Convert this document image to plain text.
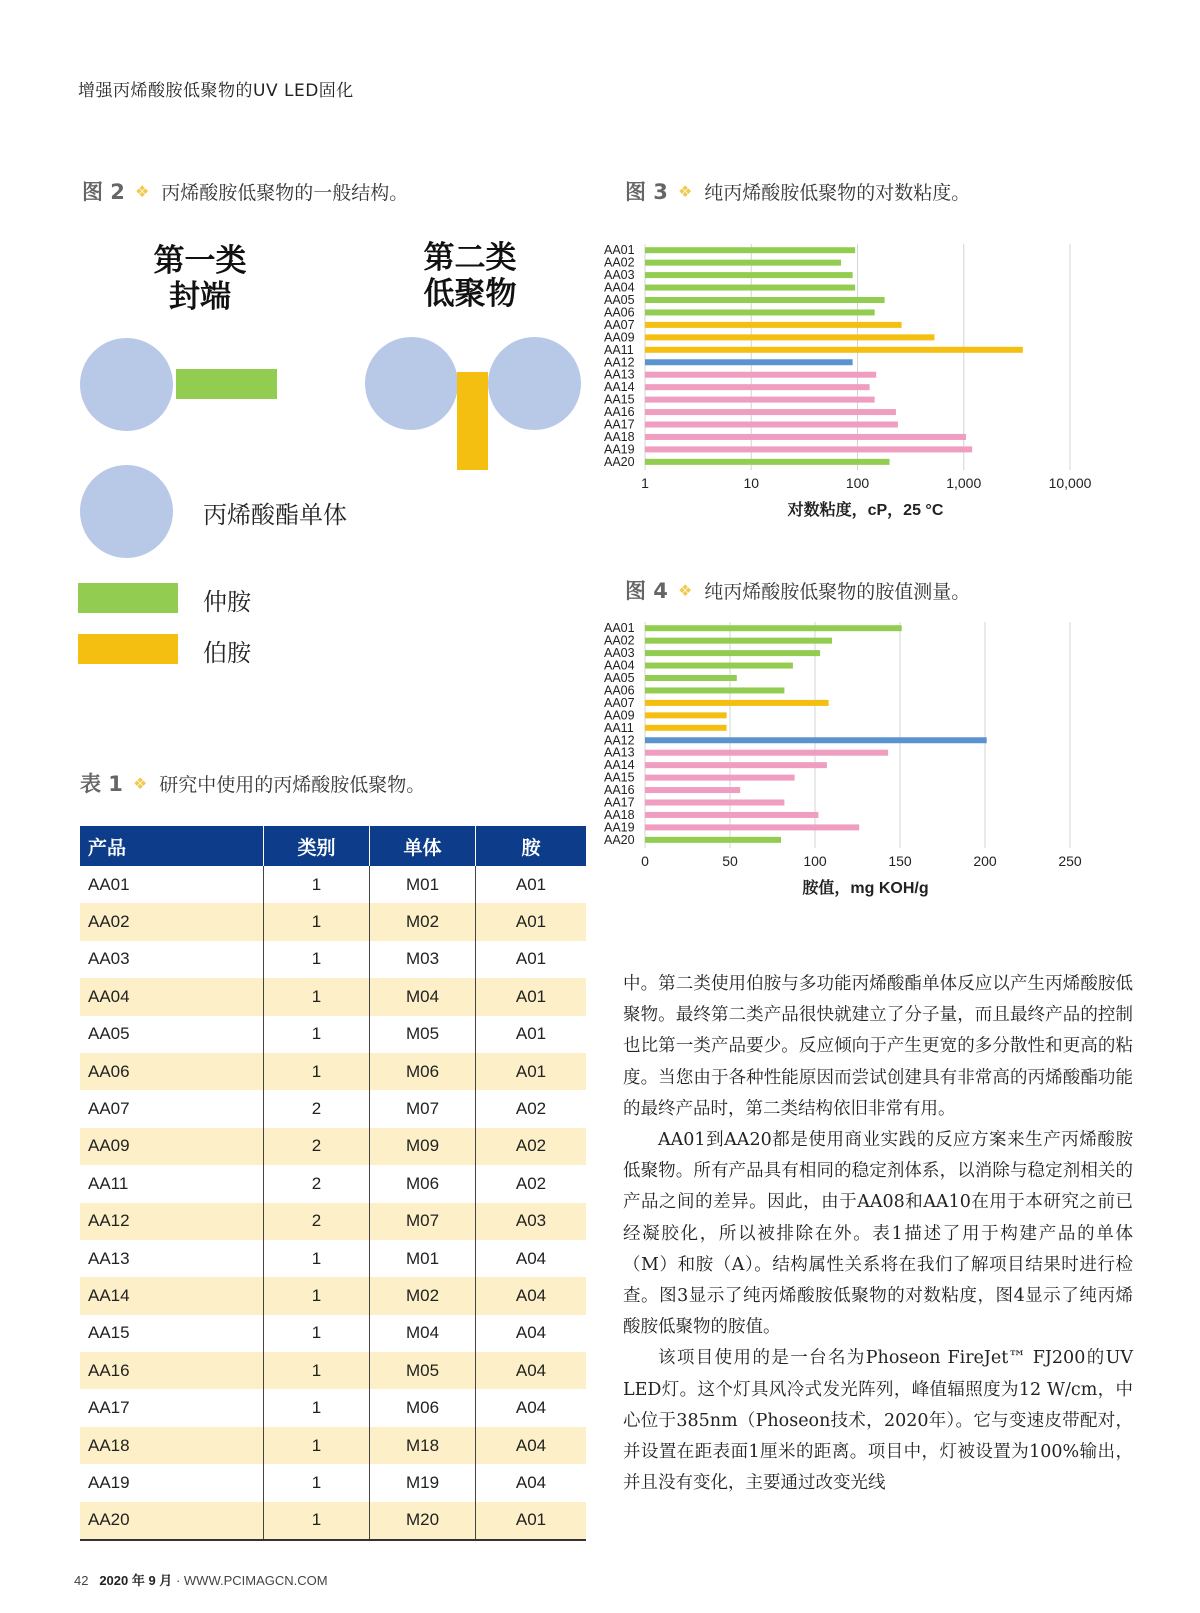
增强丙烯酸胺低聚物的UV LED固化
图 2 ❖ 丙烯酸胺低聚物的一般结构。
第一类
封端
第二类
低聚物
丙烯酸酯单体
仲胺
伯胺
图 3 ❖ 纯丙烯酸胺低聚物的对数粘度。
AA01
AA02
AA03
AA04
AA05
AA06
AA07
AA09
AA11
AA12
AA13
AA14
AA15
AA16
AA17
AA18
AA19
AA20
1	10	100	1,000	10,000
对数粘度，cP，25 °C
图 4 ❖ 纯丙烯酸胺低聚物的胺值测量。
AA01
AA02
AA03
AA04
AA05
AA06
AA07
AA09
AA11
AA12
AA13
AA14
AA15
AA16
AA17
AA18
AA19
AA20
0	50	100	150	200	250
胺值，mg KOH/g
表 1 ❖ 研究中使用的丙烯酸胺低聚物。
产品	类别	单体	胺
AA01	1	M01	A01
AA02	1	M02	A01
AA03	1	M03	A01
AA04	1	M04	A01
AA05	1	M05	A01
AA06	1	M06	A01
AA07	2	M07	A02
AA09	2	M09	A02
AA11	2	M06	A02
AA12	2	M07	A03
AA13	1	M01	A04
AA14	1	M02	A04
AA15	1	M04	A04
AA16	1	M05	A04
AA17	1	M06	A04
AA18	1	M18	A04
AA19	1	M19	A04
AA20	1	M20	A01

中。第二类使用伯胺与多功能丙烯酸酯单体反应以产生丙烯酸胺低聚物。最终第二类产品很快就建立了分子量，而且最终产品的控制也比第一类产品要少。反应倾向于产生更宽的多分散性和更高的粘度。当您由于各种性能原因而尝试创建具有非常高的丙烯酸酯功能的最终产品时，第二类结构依旧非常有用。

AA01到AA20都是使用商业实践的反应方案来生产丙烯酸胺低聚物。所有产品具有相同的稳定剂体系，以消除与稳定剂相关的产品之间的差异。因此，由于AA08和AA10在用于本研究之前已经凝胶化，所以被排除在外。表1描述了用于构建产品的单体（M）和胺（A）。结构属性关系将在我们了解项目结果时进行检查。图3显示了纯丙烯酸胺低聚物的对数粘度，图4显示了纯丙烯酸胺低聚物的胺值。

该项目使用的是一台名为Phoseon FireJet™ FJ200的UV LED灯。这个灯具风冷式发光阵列，峰值辐照度为12 W/cm，中心位于385nm（Phoseon技术，2020年）。它与变速皮带配对，并设置在距表面1厘米的距离。项目中，灯被设置为100%输出，并且没有变化，主要通过改变光线

42 2020 年 9 月 · WWW.PCIMAGCN.COM
